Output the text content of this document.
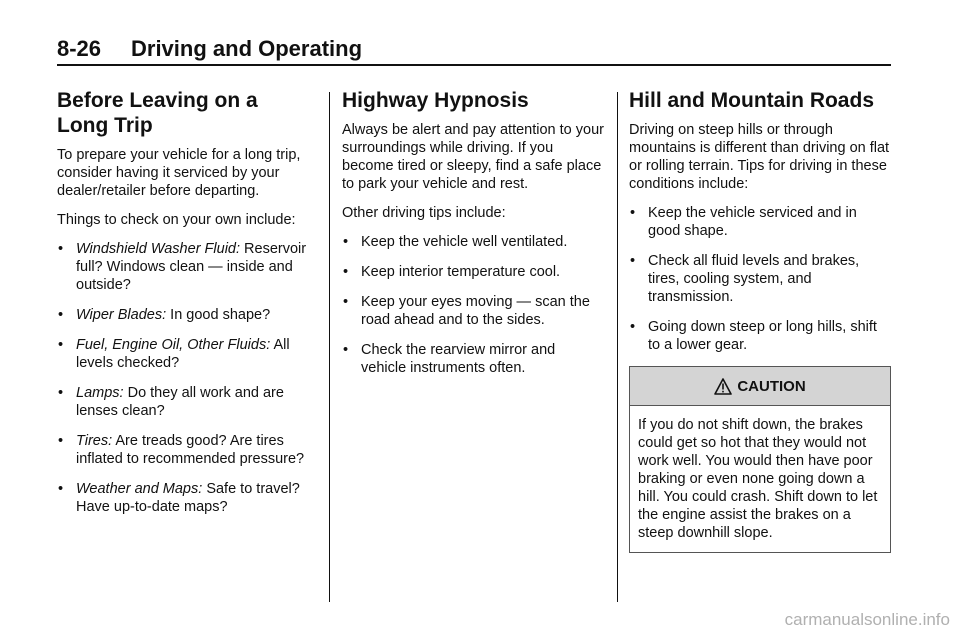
8-26 Driving and Operating
Before Leaving on a
Long Trip

To prepare your vehicle for a long trip, consider having it serviced by your dealer/retailer before departing.

Things to check on your own include:

• Windshield Washer Fluid: Reservoir full? Windows clean — inside and outside?
• Wiper Blades: In good shape?
• Fuel, Engine Oil, Other Fluids: All levels checked?
• Lamps: Do they all work and are lenses clean?
• Tires: Are treads good? Are tires inflated to recommended pressure?
• Weather and Maps: Safe to travel? Have up-to-date maps?
Highway Hypnosis

Always be alert and pay attention to your surroundings while driving. If you become tired or sleepy, find a safe place to park your vehicle and rest.

Other driving tips include:

• Keep the vehicle well ventilated.
• Keep interior temperature cool.
• Keep your eyes moving — scan the road ahead and to the sides.
• Check the rearview mirror and vehicle instruments often.
Hill and Mountain Roads

Driving on steep hills or through mountains is different than driving on flat or rolling terrain. Tips for driving in these conditions include:

• Keep the vehicle serviced and in good shape.
• Check all fluid levels and brakes, tires, cooling system, and transmission.
• Going down steep or long hills, shift to a lower gear.
CAUTION
If you do not shift down, the brakes could get so hot that they would not work well. You would then have poor braking or even none going down a hill. You could crash. Shift down to let the engine assist the brakes on a steep downhill slope.
carmanualsonline.info
